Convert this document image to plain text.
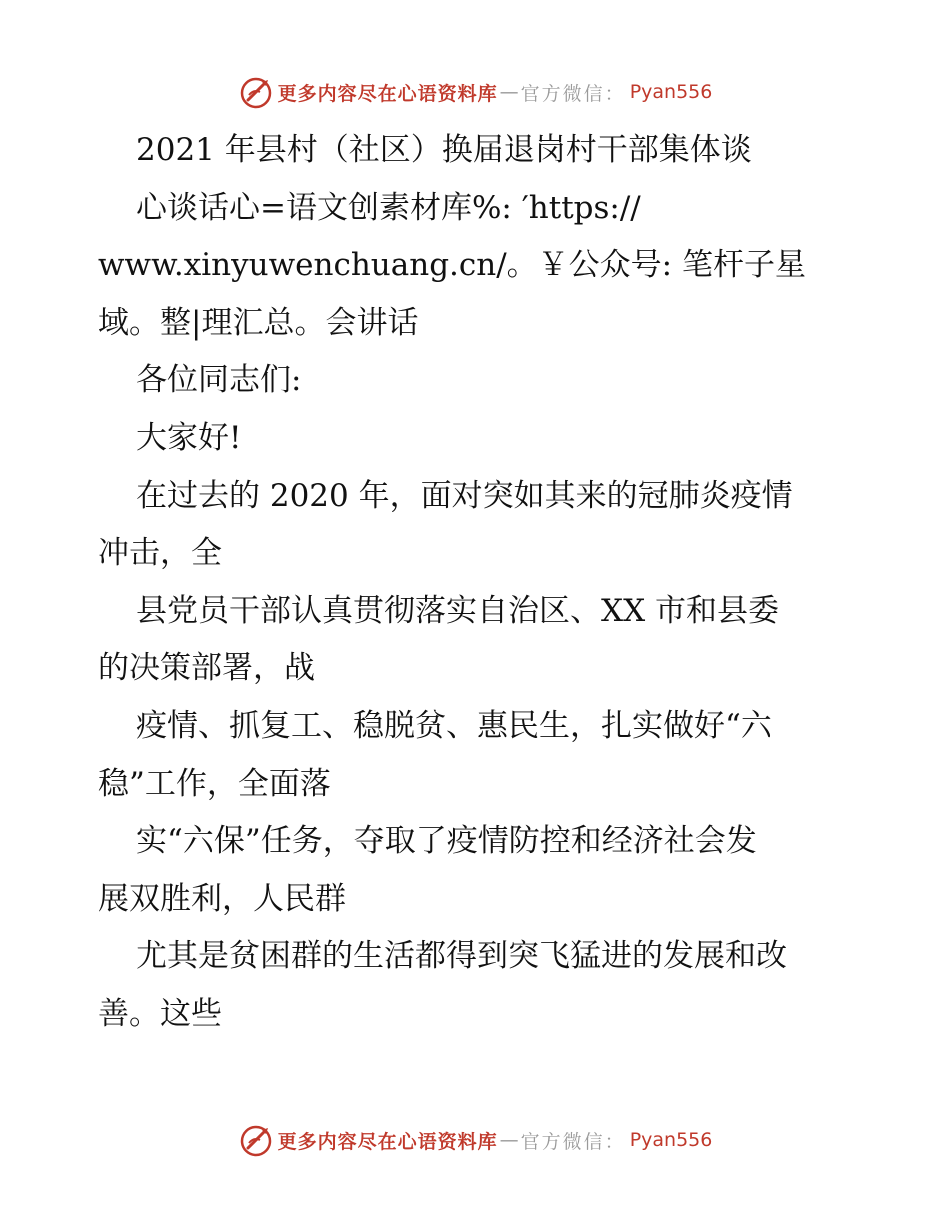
更多内容尽在心语资料库 — 官方微信： Pyan556
2021 年县村（社区）换届退岗村干部集体谈
心谈话心=语文创素材库%: ′https://
www.xinyuwenchuang.cn/。￥公众号: 笔杆子星
域。整|理汇总。会讲话
各位同志们:
大家好!
在过去的 2020 年，面对突如其来的冠肺炎疫情
冲击，全
县党员干部认真贯彻落实自治区、XX 市和县委
的决策部署，战
疫情、抓复工、稳脱贫、惠民生，扎实做好“六
稳”工作，全面落
实“六保”任务，夺取了疫情防控和经济社会发
展双胜利，人民群
尤其是贫困群的生活都得到突飞猛进的发展和改
善。这些
更多内容尽在心语资料库 — 官方微信： Pyan556
